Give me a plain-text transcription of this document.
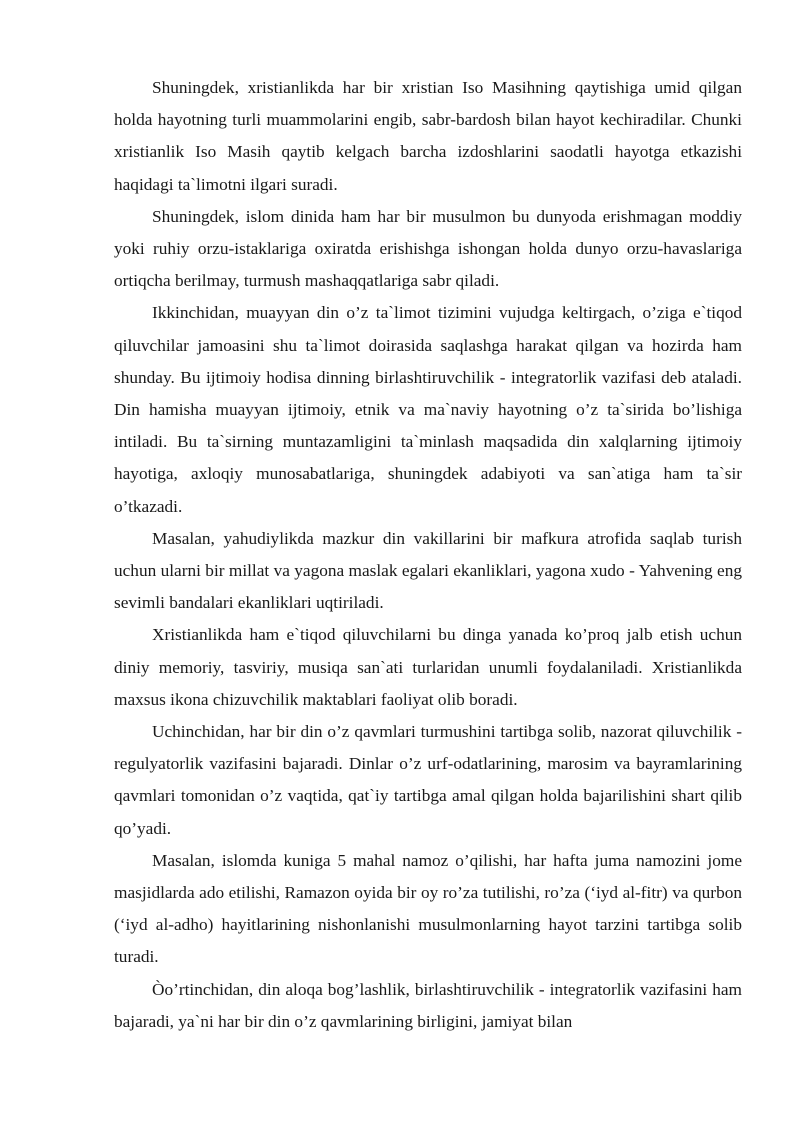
Shuningdek, xristianlikda har bir xristian Iso Masihning qaytishiga umid qilgan holda hayotning turli muammolarini engib, sabr-bardosh bilan hayot kechiradilar. Chunki xristianlik Iso Masih qaytib kelgach barcha izdoshlarini saodatli hayotga etkazishi haqidagi ta`limotni ilgari suradi.

Shuningdek, islom dinida ham har bir musulmon bu dunyoda erishmagan moddiy yoki ruhiy orzu-istaklariga oxiratda erishishga ishongan holda dunyo orzu-havaslariga ortiqcha berilmay, turmush mashaqqatlariga sabr qiladi.

Ikkinchidan, muayyan din o’z ta`limot tizimini vujudga keltirgach, o’ziga e`tiqod qiluvchilar jamoasini shu ta`limot doirasida saqlashga harakat qilgan va hozirda ham shunday. Bu ijtimoiy hodisa dinning birlashtiruvchilik - integratorlik vazifasi deb ataladi. Din hamisha muayyan ijtimoiy, etnik va ma`naviy hayotning o’z ta`sirida bo’lishiga intiladi. Bu ta`sirning muntazamligini ta`minlash maqsadida din xalqlarning ijtimoiy hayotiga, axloqiy munosabatlariga, shuningdek adabiyoti va san`atiga ham ta`sir o’tkazadi.

Masalan, yahudiylikda mazkur din vakillarini bir mafkura atrofida saqlab turish uchun ularni bir millat va yagona maslak egalari ekanliklari, yagona xudo - Yahvening eng sevimli bandalari ekanliklari uqtiriladi.

Xristianlikda ham e`tiqod qiluvchilarni bu dinga yanada ko’proq jalb etish uchun diniy memoriy, tasviriy, musiqa san`ati turlaridan unumli foydalaniladi. Xristianlikda maxsus ikona chizuvchilik maktablari faoliyat olib boradi.

Uchinchidan, har bir din o’z qavmlari turmushini tartibga solib, nazorat qiluvchilik - regulyatorlik vazifasini bajaradi. Dinlar o’z urf-odatlarining, marosim va bayramlarining qavmlari tomonidan o’z vaqtida, qat`iy tartibga amal qilgan holda bajarilishini shart qilib qo’yadi.

Masalan, islomda kuniga 5 mahal namoz o’qilishi, har hafta juma namozini jome masjidlarda ado etilishi, Ramazon oyida bir oy ro’za tutilishi, ro’za (‘iyd al-fitr) va qurbon (‘iyd al-adho) hayitlarining nishonlanishi musulmonlarning hayot tarzini tartibga solib turadi.

Òo’rtinchidan, din aloqa bog’lashlik, birlashtiruvchilik - integratorlik vazifasini ham bajaradi, ya`ni har bir din o’z qavmlarining birligini, jamiyat bilan
